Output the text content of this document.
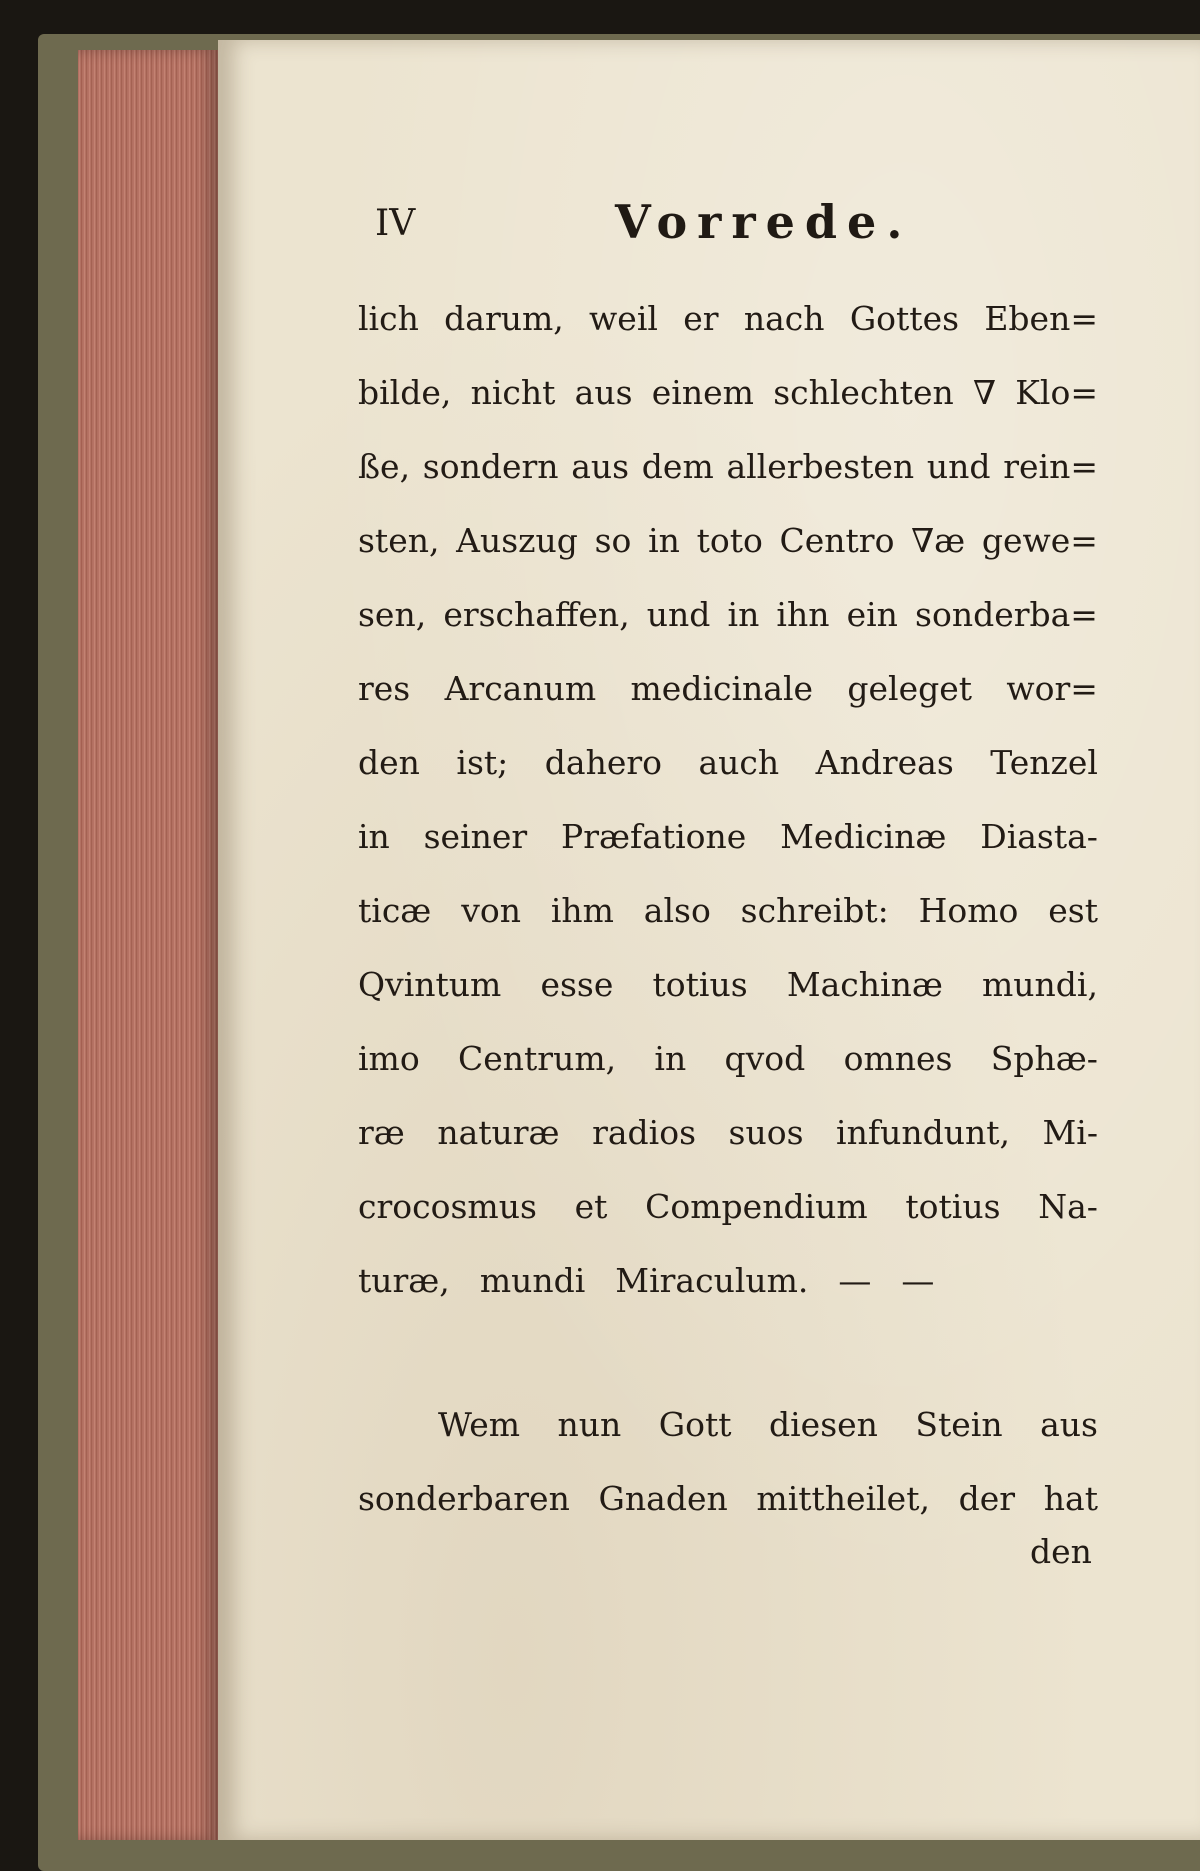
IV	Vorrede.
lich darum, weil er nach Gottes Eben=
bilde, nicht aus einem schlechten ∇ Klo=
ße, sondern aus dem allerbesten und rein=
sten, Auszug so in toto Centro ∇æ gewe=
sen, erschaffen, und in ihn ein sonderba=
res Arcanum medicinale geleget wor=
den ist; dahero auch Andreas Tenzel
in seiner Præfatione Medicinæ Diasta-
ticæ von ihm also schreibt: Homo est
Qvintum esse totius Machinæ mundi,
imo Centrum, in qvod omnes Sphæ-
ræ naturæ radios suos infundunt, Mi-
crocosmus et Compendium totius Na-
turæ, mundi Miraculum. — —
Wem nun Gott diesen Stein aus
sonderbaren Gnaden mittheilet, der hat
den
